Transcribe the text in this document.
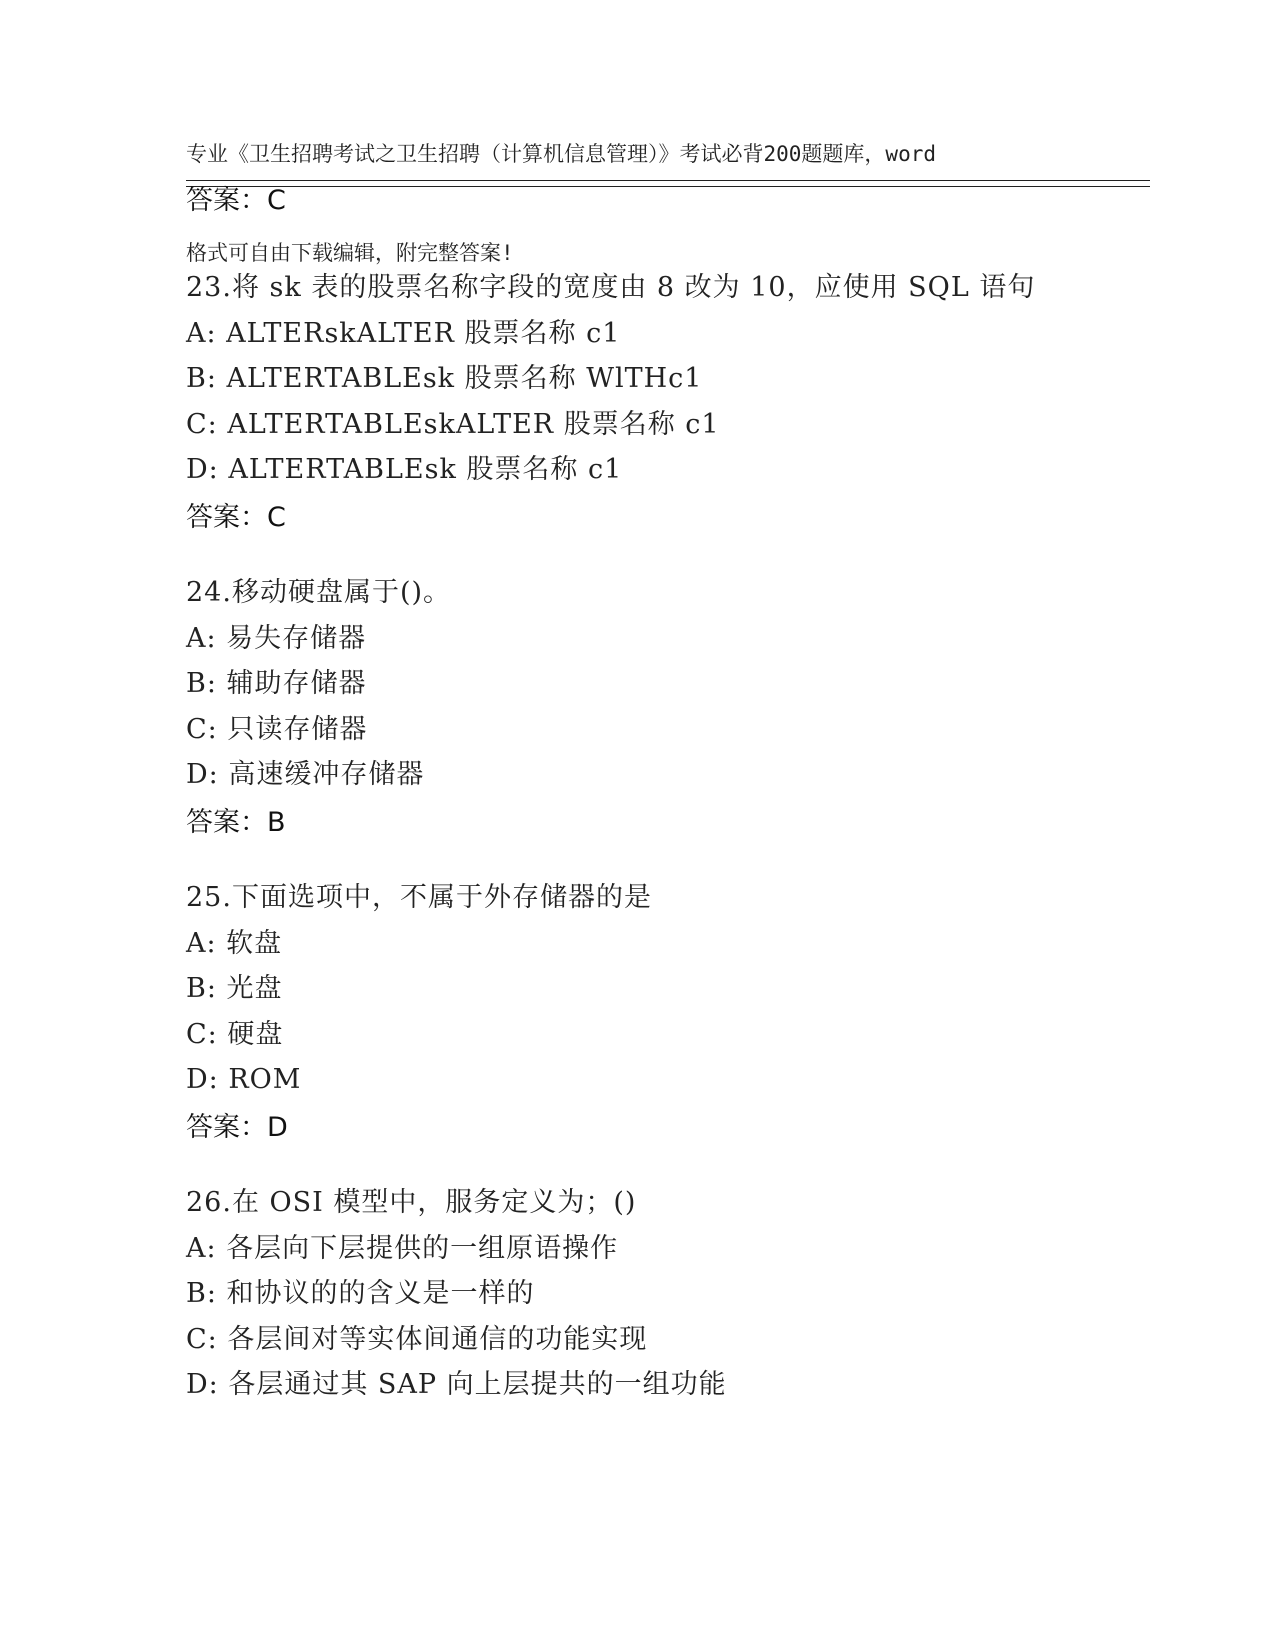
专业《卫生招聘考试之卫生招聘（计算机信息管理）》考试必背200题题库，word

格式可自由下载编辑，附完整答案!

答案：C
23.将 sk 表的股票名称字段的宽度由 8 改为 10，应使用 SQL 语句
A: ALTERskALTER 股票名称 c1
B: ALTERTABLEsk 股票名称 WlTHc1
C: ALTERTABLEskALTER 股票名称 c1
D: ALTERTABLEsk 股票名称 c1
答案：C
24.移动硬盘属于()。
A: 易失存储器
B: 辅助存储器
C: 只读存储器
D: 高速缓冲存储器
答案：B
25.下面选项中，不属于外存储器的是
A: 软盘
B: 光盘
C: 硬盘
D: ROM
答案：D
26.在 OSI 模型中，服务定义为；()
A: 各层向下层提供的一组原语操作
B: 和协议的的含义是一样的
C: 各层间对等实体间通信的功能实现
D: 各层通过其 SAP 向上层提共的一组功能
